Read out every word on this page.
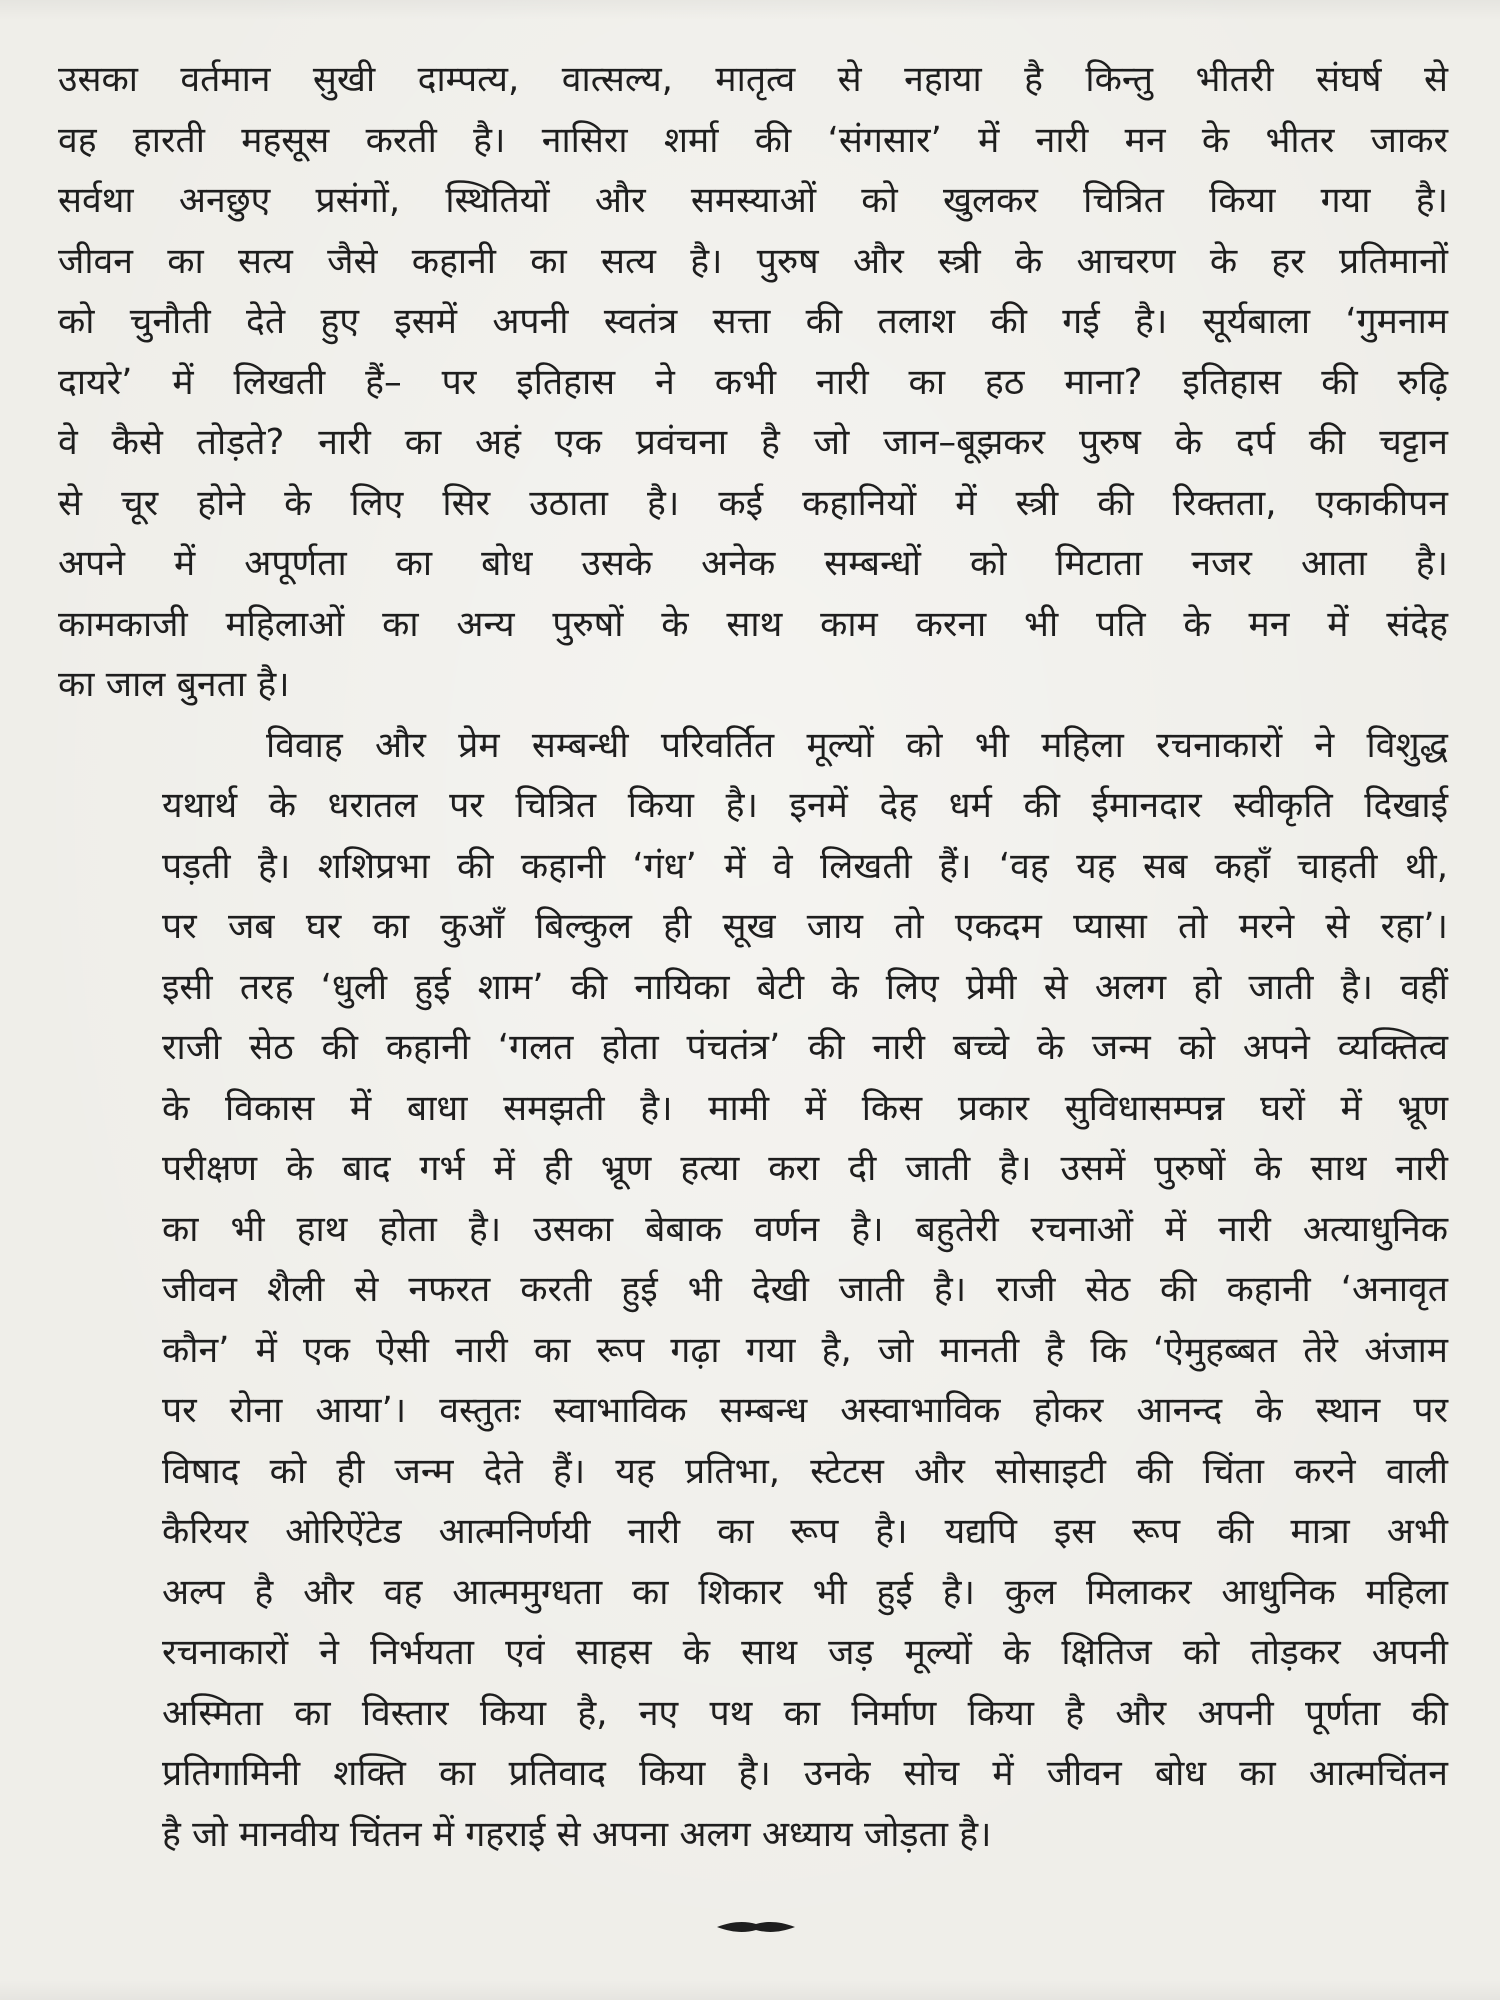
उसका वर्तमान सुखी दाम्पत्य, वात्सल्य, मातृत्व से नहाया है किन्तु भीतरी संघर्ष से
वह हारती महसूस करती है। नासिरा शर्मा की ‘संगसार’ में नारी मन के भीतर जाकर
सर्वथा अनछुए प्रसंगों, स्थितियों और समस्याओं को खुलकर चित्रित किया गया है।
जीवन का सत्य जैसे कहानी का सत्य है। पुरुष और स्त्री के आचरण के हर प्रतिमानों
को चुनौती देते हुए इसमें अपनी स्वतंत्र सत्ता की तलाश की गई है। सूर्यबाला ‘गुमनाम
दायरे’ में लिखती हैं– पर इतिहास ने कभी नारी का हठ माना? इतिहास की रुढ़ि
वे कैसे तोड़ते? नारी का अहं एक प्रवंचना है जो जान–बूझकर पुरुष के दर्प की चट्टान
से चूर होने के लिए सिर उठाता है। कई कहानियों में स्त्री की रिक्तता, एकाकीपन
अपने में अपूर्णता का बोध उसके अनेक सम्बन्धों को मिटाता नजर आता है।
कामकाजी महिलाओं का अन्य पुरुषों के साथ काम करना भी पति के मन में संदेह
का जाल बुनता है।

विवाह और प्रेम सम्बन्धी परिवर्तित मूल्यों को भी महिला रचनाकारों ने विशुद्ध
यथार्थ के धरातल पर चित्रित किया है। इनमें देह धर्म की ईमानदार स्वीकृति दिखाई
पड़ती है। शशिप्रभा की कहानी ‘गंध’ में वे लिखती हैं। ‘वह यह सब कहाँ चाहती थी,
पर जब घर का कुआँ बिल्कुल ही सूख जाय तो एकदम प्यासा तो मरने से रहा’।
इसी तरह ‘धुली हुई शाम’ की नायिका बेटी के लिए प्रेमी से अलग हो जाती है। वहीं
राजी सेठ की कहानी ‘गलत होता पंचतंत्र’ की नारी बच्चे के जन्म को अपने व्यक्तित्व
के विकास में बाधा समझती है। मामी में किस प्रकार सुविधासम्पन्न घरों में भ्रूण
परीक्षण के बाद गर्भ में ही भ्रूण हत्या करा दी जाती है। उसमें पुरुषों के साथ नारी
का भी हाथ होता है। उसका बेबाक वर्णन है। बहुतेरी रचनाओं में नारी अत्याधुनिक
जीवन शैली से नफरत करती हुई भी देखी जाती है। राजी सेठ की कहानी ‘अनावृत
कौन’ में एक ऐसी नारी का रूप गढ़ा गया है, जो मानती है कि ‘ऐमुहब्बत तेरे अंजाम
पर रोना आया’। वस्तुतः स्वाभाविक सम्बन्ध अस्वाभाविक होकर आनन्द के स्थान पर
विषाद को ही जन्म देते हैं। यह प्रतिभा, स्टेटस और सोसाइटी की चिंता करने वाली
कैरियर ओरिऐंटेड आत्मनिर्णयी नारी का रूप है। यद्यपि इस रूप की मात्रा अभी
अल्प है और वह आत्ममुग्धता का शिकार भी हुई है। कुल मिलाकर आधुनिक महिला
रचनाकारों ने निर्भयता एवं साहस के साथ जड़ मूल्यों के क्षितिज को तोड़कर अपनी
अस्मिता का विस्तार किया है, नए पथ का निर्माण किया है और अपनी पूर्णता की
प्रतिगामिनी शक्ति का प्रतिवाद किया है। उनके सोच में जीवन बोध का आत्मचिंतन
है जो मानवीय चिंतन में गहराई से अपना अलग अध्याय जोड़ता है।
